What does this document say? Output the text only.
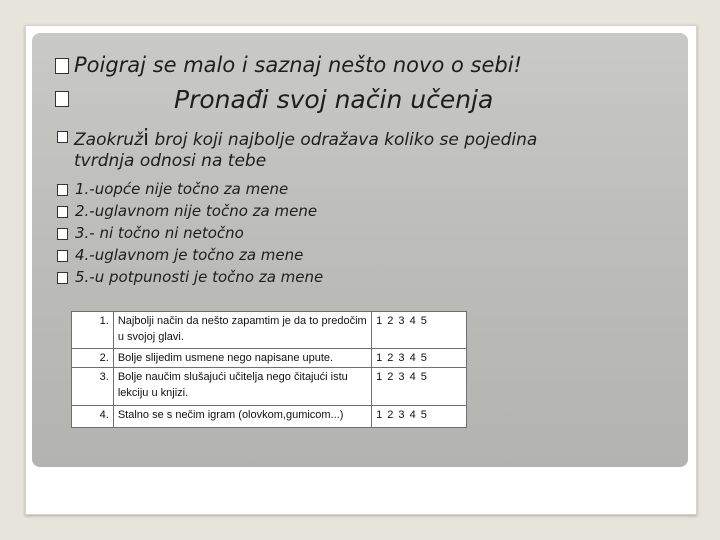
Poigraj se malo i saznaj nešto novo o sebi!
Pronađi svoj način učenja
Zaokruži broj koji najbolje odražava koliko se pojedina
tvrdnja odnosi na tebe
1.-uopće nije točno za mene
2.-uglavnom nije točno za mene
3.- ni točno ni netočno
4.-uglavnom je točno za mene
5.-u potpunosti je točno za mene
1.	Najbolji način da nešto zapamtim je da to predočim u svojoj glavi.	1 2 3 4 5
2.	Bolje slijedim usmene nego napisane upute.	1 2 3 4 5
3.	Bolje naučim slušajući učitelja nego čitajući istu lekciju u knjizi.	1 2 3 4 5
4.	Stalno se s nečim igram (olovkom,gumicom...)	1 2 3 4 5
